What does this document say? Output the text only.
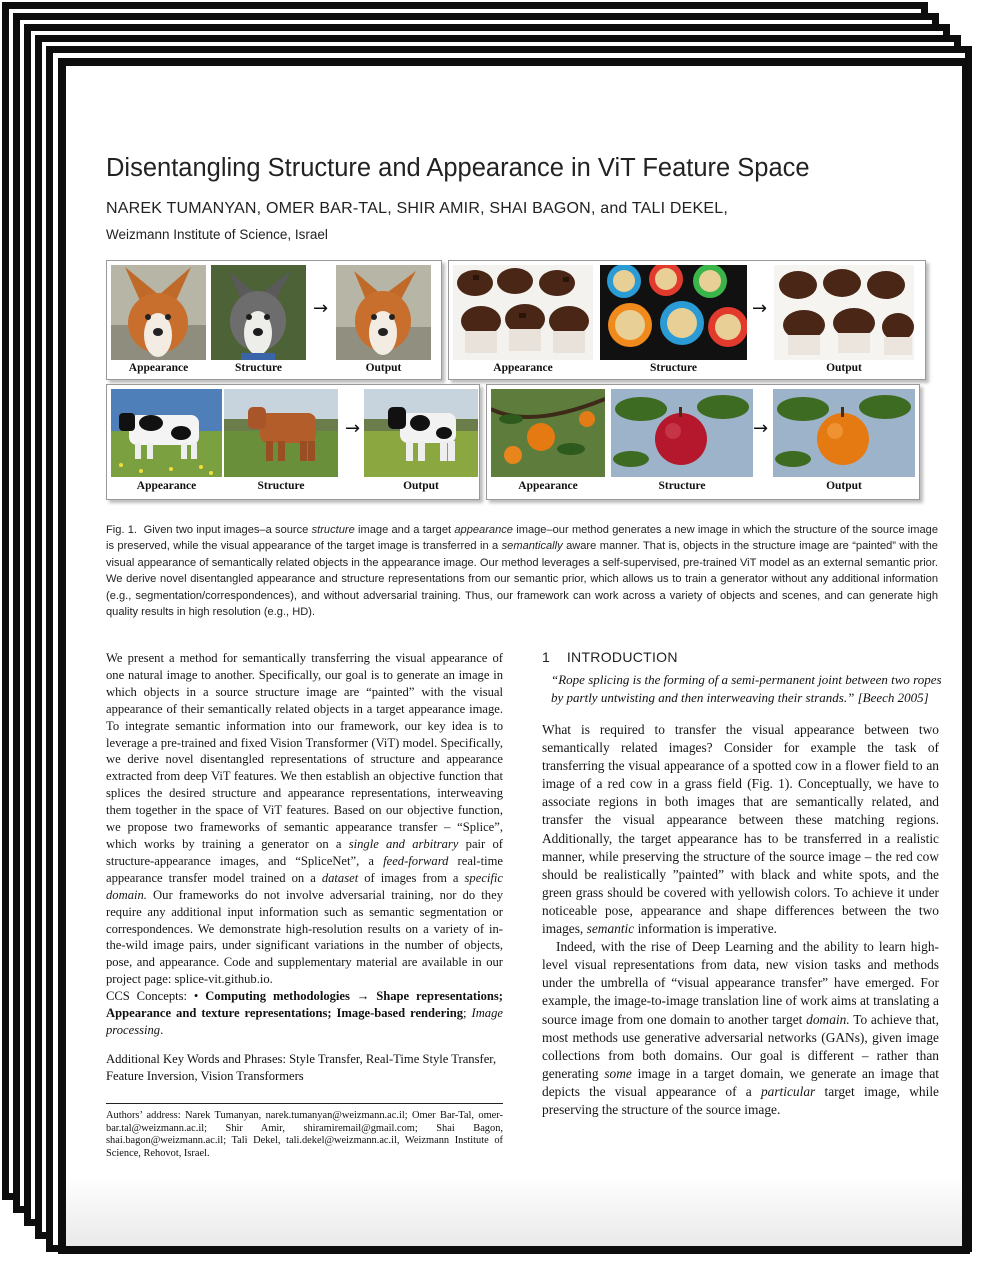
Disentangling Structure and Appearance in ViT Feature Space
NAREK TUMANYAN, OMER BAR-TAL, SHIR AMIR, SHAI BAGON, and TALI DEKEL,
Weizmann Institute of Science, Israel
→
Appearance	Structure	Output
→
Appearance	Structure	Output
→
Appearance	Structure	Output
→
Appearance	Structure	Output
Fig. 1. Given two input images–a source structure image and a target appearance image–our method generates a new image in which the structure of the source image is preserved, while the visual appearance of the target image is transferred in a semantically aware manner. That is, objects in the structure image are “painted” with the visual appearance of semantically related objects in the appearance image. Our method leverages a self-supervised, pre-trained ViT model as an external semantic prior. We derive novel disentangled appearance and structure representations from our semantic prior, which allows us to train a generator without any additional information (e.g., segmentation/correspondences), and without adversarial training. Thus, our framework can work across a variety of objects and scenes, and can generate high quality results in high resolution (e.g., HD).

We present a method for semantically transferring the visual appearance of one natural image to another. Specifically, our goal is to generate an image in which objects in a source structure image are “painted” with the visual appearance of their semantically related objects in a target appearance image. To integrate semantic information into our framework, our key idea is to leverage a pre-trained and fixed Vision Transformer (ViT) model. Specifically, we derive novel disentangled representations of structure and appearance extracted from deep ViT features. We then establish an objective function that splices the desired structure and appearance representations, interweaving them together in the space of ViT features. Based on our objective function, we propose two frameworks of semantic appearance transfer – “Splice”, which works by training a generator on a single and arbitrary pair of structure-appearance images, and “SpliceNet”, a feed-forward real-time appearance transfer model trained on a dataset of images from a specific domain. Our frameworks do not involve adversarial training, nor do they require any additional input information such as semantic segmentation or correspondences. We demonstrate high-resolution results on a variety of in-the-wild image pairs, under significant variations in the number of objects, pose, and appearance. Code and supplementary material are available in our project page: splice-vit.github.io.

CCS Concepts: • Computing methodologies → Shape representations; Appearance and texture representations; Image-based rendering; Image processing.
Additional Key Words and Phrases: Style Transfer, Real-Time Style Transfer, Feature Inversion, Vision Transformers
Authors’ address: Narek Tumanyan, narek.tumanyan@weizmann.ac.il; Omer Bar-Tal, omer-bar.tal@weizmann.ac.il; Shir Amir, shiramiremail@gmail.com; Shai Bagon, shai.bagon@weizmann.ac.il; Tali Dekel, tali.dekel@weizmann.ac.il, Weizmann Institute of Science, Rehovot, Israel.
1 INTRODUCTION
“Rope splicing is the forming of a semi-permanent joint between two ropes by partly untwisting and then interweaving their strands.” [Beech 2005]

What is required to transfer the visual appearance between two semantically related images? Consider for example the task of transferring the visual appearance of a spotted cow in a flower field to an image of a red cow in a grass field (Fig. 1). Conceptually, we have to associate regions in both images that are semantically related, and transfer the visual appearance between these matching regions. Additionally, the target appearance has to be transferred in a realistic manner, while preserving the structure of the source image – the red cow should be realistically ”painted” with black and white spots, and the green grass should be covered with yellowish colors. To achieve it under noticeable pose, appearance and shape differences between the two images, semantic information is imperative.

Indeed, with the rise of Deep Learning and the ability to learn high-level visual representations from data, new vision tasks and methods under the umbrella of “visual appearance transfer” have emerged. For example, the image-to-image translation line of work aims at translating a source image from one domain to another target domain. To achieve that, most methods use generative adversarial networks (GANs), given image collections from both domains. Our goal is different – rather than generating some image in a target domain, we generate an image that depicts the visual appearance of a particular target image, while preserving the structure of the source image.
